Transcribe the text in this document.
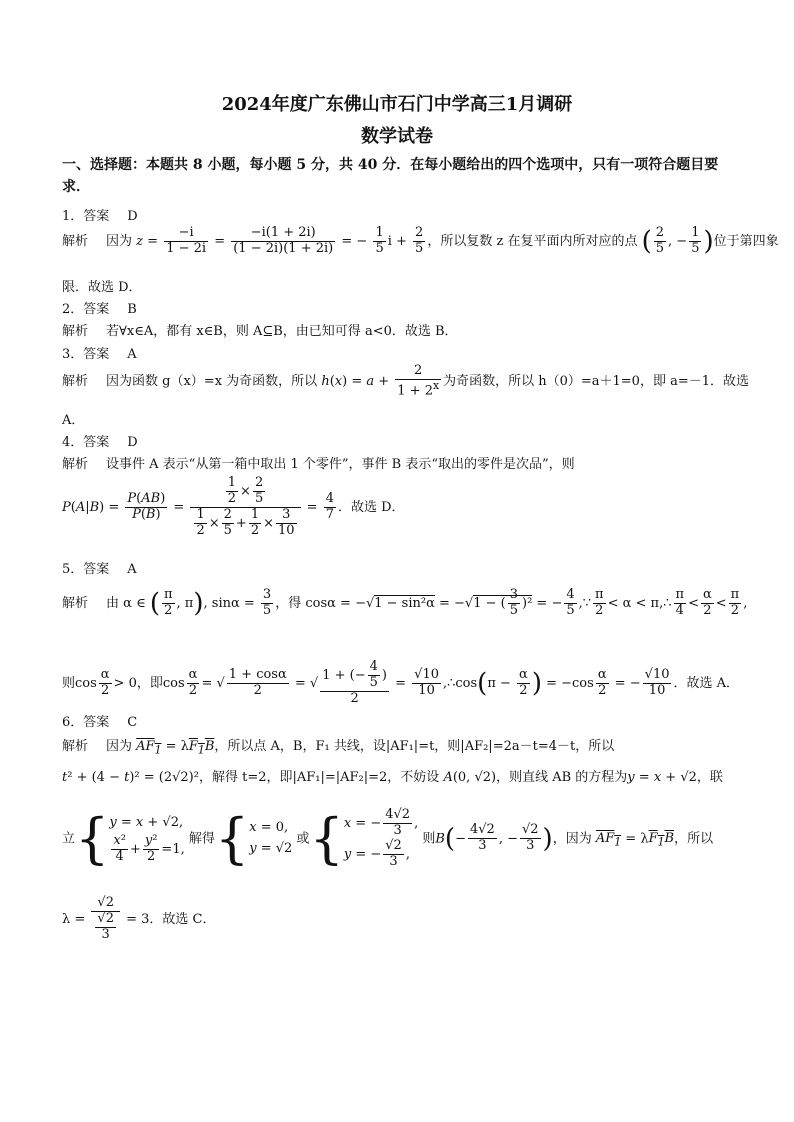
2024年度广东佛山市石门中学高三1月调研
数学试卷
一、选择题：本题共 8 小题，每小题 5 分，共 40 分．在每小题给出的四个选项中，只有一项符合题目要求．
1．答案 D
解析 因为 $z = \frac{-i}{1 - 2i} = \frac{-i(1 + 2i)}{(1 - 2i)(1 + 2i)}$ = − $\frac{1}{5}$ $i + \frac{2}{5}$ ，所以复数 z 在复平面内所对应的点 ( $\frac{2}{5}$ , − $\frac{1}{5}$ )位于第四象
限．故选 D．
2．答案 B
解析 若∀x∈A，都有 x∈B，则 A⊆B，由已知可得 a<0．故选 B．
3．答案 A
解析 因为函数 g（x）=x 为奇函数，所以 $h(x) = a + \frac{2}{1 + 2^x}$ 为奇函数，所以 h（0）=a＋1=0，即 a=－1．故选
A．
4．答案 D
解析 设事件 A 表示“从第一箱中取出 1 个零件”，事件 B 表示“取出的零件是次品”，则
$P(A|B) = \frac{P(AB)}{P(B)} = \frac{\frac{1}{2} \times \frac{2}{5}}{\frac{1}{2} \times \frac{2}{5} + \frac{1}{2} \times \frac{3}{10}} = \frac{4}{7}$ ．故选 D．
5．答案 A
解析 由 α ∈ ( $\frac{\pi}{2}$ , π), $\sin\alpha = \frac{3}{5}$ ，得 cosα = −√1 − sin²α = −√1 − ( $\frac{3}{5} )^2$ = − $\frac{4}{5}$ ,∵ $\frac{\pi}{2} < \alpha$ < π,∴ $\frac{\pi}{4} < \frac{\alpha}{2} < \frac{\pi}{2}$ ,
则$\cos \frac{\alpha}{2} > 0$，即$\cos \frac{\alpha}{2}$ = √ $\frac{1 + \cos\alpha}{2}$ = √ $\frac{1 + (- \frac{4}{5} )}{2} = \frac{√10}{10}$ ,∴cos(π − $\frac{\alpha}{2}$ ) = $-\cos \frac{\alpha}{2}$ = − $\frac{√10}{10}$ ．故选 A．
6．答案 C
解析 因为 $AF_1 = \lambda F_1B$，所以点 A，B，F₁ 共线，设|AF₁|=t，则|AF₂|=2a－t=4－t，所以
t² + (4 − t)² = (2√2)²，解得 t=2，即|AF₁|=|AF₂|=2，不妨设 A(0, √2)，则直线 AB 的方程为y = x + √2，联
立{y = x + √2,

$\frac{\text{x²}}{4} + \frac{\text{y²}}{2} =1$, 解得{x = 0,
y = √2 或{x = − $\frac{4√2}{3}$ ,
y = − $\frac{√2}{3}$ , 则$B(- \frac{4√2}{3}$ , − $\frac{√2}{3}$ )，因为 $AF_1 = \lambda F_1B$，所以
$\lambda = \frac{√2}{\frac{√2}{3}} = 3$．故选 C．
